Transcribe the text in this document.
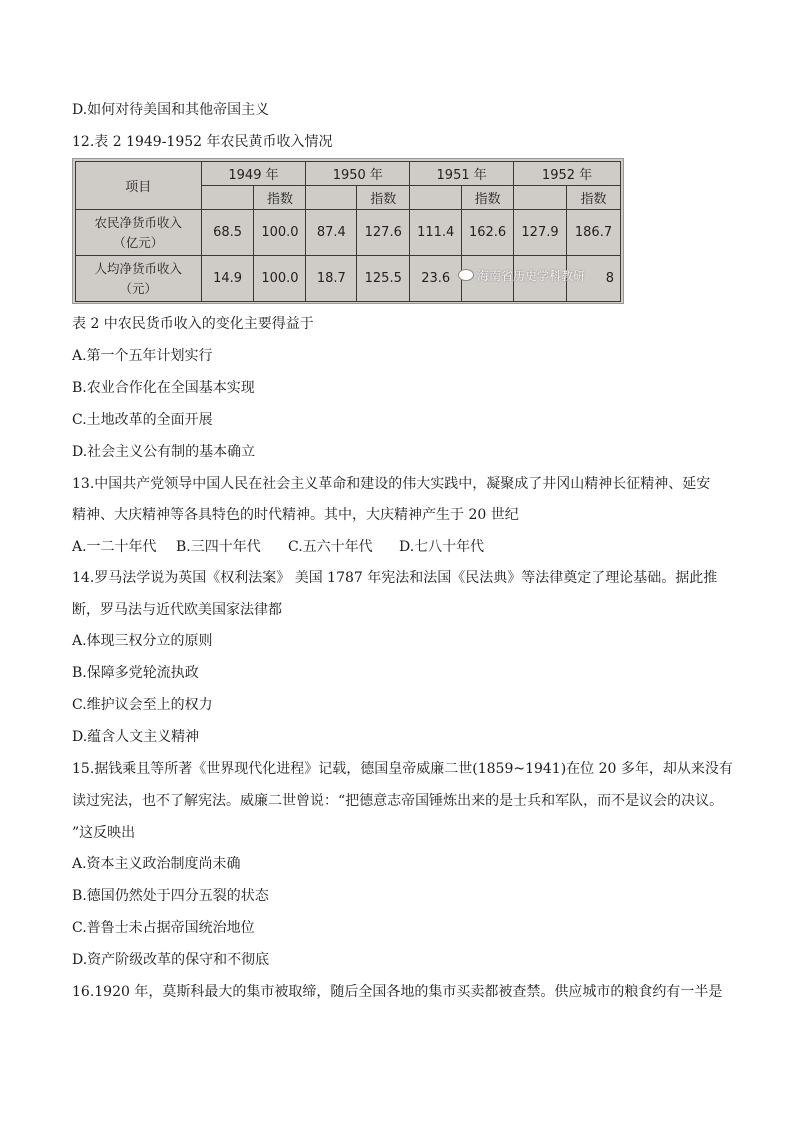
D.如何对待美国和其他帝国主义
12.表 2 1949-1952 年农民黄币收入情况
项目	1949 年		1950 年		1951 年		1952 年	
		指数		指数		指数		指数
农民净货币收入
（亿元）	68.5	100.0	87.4	127.6	111.4	162.6	127.9	186.7
人均净货币收入
（元）	14.9	100.0	18.7	125.5	23.6			8
海南省历史学科教研
表 2 中农民货币收入的变化主要得益于
A.第一个五年计划实行
B.农业合作化在全国基本实现
C.土地改革的全面开展
D.社会主义公有制的基本确立
13.中国共产党领导中国人民在社会主义革命和建设的伟大实践中，凝聚成了井冈山精神长征精神、延安
精神、大庆精神等各具特色的时代精神。其中，大庆精神产生于 20 世纪
A.一二十年代 B.三四十年代 C.五六十年代 D.七八十年代
14.罗马法学说为英国《权利法案》 美国 1787 年宪法和法国《民法典》等法律奠定了理论基础。据此推
断，罗马法与近代欧美国家法律都
A.体现三权分立的原则
B.保障多党轮流执政
C.维护议会至上的权力
D.蕴含人文主义精神
15.据钱乘且等所著《世界现代化进程》记载，德国皇帝威廉二世(1859~1941)在位 20 多年，却从来没有
读过宪法，也不了解宪法。威廉二世曾说：“把德意志帝国锤炼出来的是士兵和军队，而不是议会的决议。
”这反映出
A.资本主义政治制度尚未确
B.德国仍然处于四分五裂的状态
C.普鲁士未占据帝国统治地位
D.资产阶级改革的保守和不彻底
16.1920 年，莫斯科最大的集市被取缔，随后全国各地的集市买卖都被查禁。供应城市的粮食约有一半是
